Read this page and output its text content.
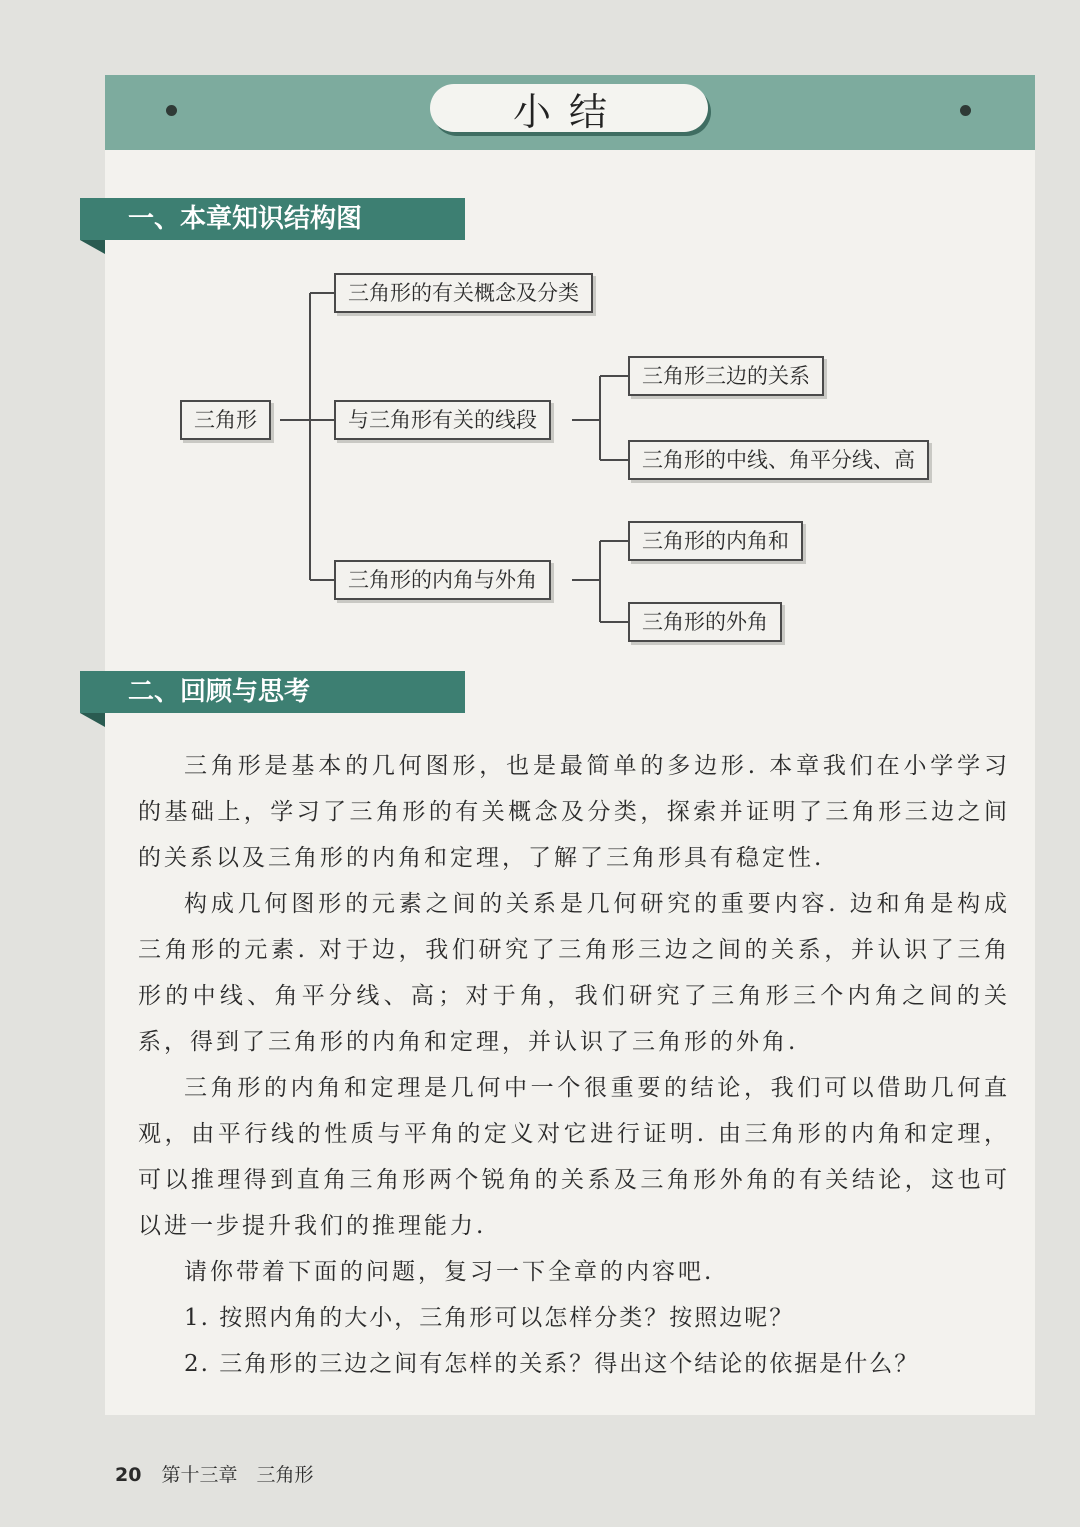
小结
一、本章知识结构图
三角形
三角形的有关概念及分类
与三角形有关的线段
三角形的内角与外角
三角形三边的关系
三角形的中线、角平分线、高
三角形的内角和
三角形的外角
二、回顾与思考

三角形是基本的几何图形，也是最简单的多边形. 本章我们在小学学习的基础上，学习了三角形的有关概念及分类，探索并证明了三角形三边之间的关系以及三角形的内角和定理，了解了三角形具有稳定性.

构成几何图形的元素之间的关系是几何研究的重要内容. 边和角是构成三角形的元素. 对于边，我们研究了三角形三边之间的关系，并认识了三角形的中线、角平分线、高；对于角，我们研究了三角形三个内角之间的关系，得到了三角形的内角和定理，并认识了三角形的外角.

三角形的内角和定理是几何中一个很重要的结论，我们可以借助几何直观，由平行线的性质与平角的定义对它进行证明. 由三角形的内角和定理，可以推理得到直角三角形两个锐角的关系及三角形外角的有关结论，这也可以进一步提升我们的推理能力.

请你带着下面的问题，复习一下全章的内容吧.

1. 按照内角的大小，三角形可以怎样分类？按照边呢？

2. 三角形的三边之间有怎样的关系？得出这个结论的依据是什么？

20 第十三章　三角形
